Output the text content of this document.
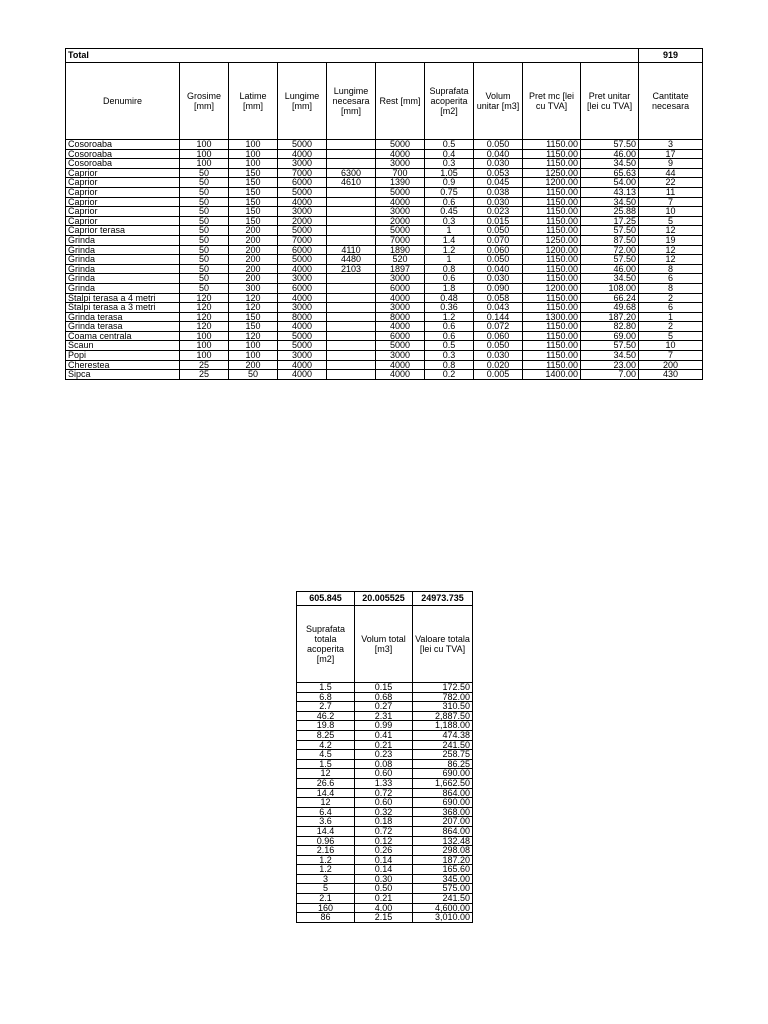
Total										919
Denumire	Grosime [mm]	Latime [mm]	Lungime [mm]	Lungime necesara [mm]	Rest [mm]	Suprafata acoperita [m2]	Volum unitar [m3]	Pret mc [lei cu TVA]	Pret unitar [lei cu TVA]	Cantitate necesara
Cosoroaba	100	100	5000		5000	0.5	0.050	1150.00	57.50	3
Cosoroaba	100	100	4000		4000	0.4	0.040	1150.00	46.00	17
Cosoroaba	100	100	3000		3000	0.3	0.030	1150.00	34.50	9
Caprior	50	150	7000	6300	700	1.05	0.053	1250.00	65.63	44
Caprior	50	150	6000	4610	1390	0.9	0.045	1200.00	54.00	22
Caprior	50	150	5000		5000	0.75	0.038	1150.00	43.13	11
Caprior	50	150	4000		4000	0.6	0.030	1150.00	34.50	7
Caprior	50	150	3000		3000	0.45	0.023	1150.00	25.88	10
Caprior	50	150	2000		2000	0.3	0.015	1150.00	17.25	5
Caprior terasa	50	200	5000		5000	1	0.050	1150.00	57.50	12
Grinda	50	200	7000		7000	1.4	0.070	1250.00	87.50	19
Grinda	50	200	6000	4110	1890	1.2	0.060	1200.00	72.00	12
Grinda	50	200	5000	4480	520	1	0.050	1150.00	57.50	12
Grinda	50	200	4000	2103	1897	0.8	0.040	1150.00	46.00	8
Grinda	50	200	3000		3000	0.6	0.030	1150.00	34.50	6
Grinda	50	300	6000		6000	1.8	0.090	1200.00	108.00	8
Stalpi terasa a 4 metri	120	120	4000		4000	0.48	0.058	1150.00	66.24	2
Stalpi terasa a 3 metri	120	120	3000		3000	0.36	0.043	1150.00	49.68	6
Grinda terasa	120	150	8000		8000	1.2	0.144	1300.00	187.20	1
Grinda terasa	120	150	4000		4000	0.6	0.072	1150.00	82.80	2
Coama centrala	100	120	5000		6000	0.6	0.060	1150.00	69.00	5
Scaun	100	100	5000		5000	0.5	0.050	1150.00	57.50	10
Popi	100	100	3000		3000	0.3	0.030	1150.00	34.50	7
Cherestea	25	200	4000		4000	0.8	0.020	1150.00	23.00	200
Sipca	25	50	4000		4000	0.2	0.005	1400.00	7.00	430
605.845	20.005525	24973.735
Suprafata totala acoperita [m2]	Volum total [m3]	Valoare totala [lei cu TVA]
1.5	0.15	172.50
6.8	0.68	782.00
2.7	0.27	310.50
46.2	2.31	2,887.50
19.8	0.99	1,188.00
8.25	0.41	474.38
4.2	0.21	241.50
4.5	0.23	258.75
1.5	0.08	86.25
12	0.60	690.00
26.6	1.33	1,662.50
14.4	0.72	864.00
12	0.60	690.00
6.4	0.32	368.00
3.6	0.18	207.00
14.4	0.72	864.00
0.96	0.12	132.48
2.16	0.26	298.08
1.2	0.14	187.20
1.2	0.14	165.60
3	0.30	345.00
5	0.50	575.00
2.1	0.21	241.50
160	4.00	4,600.00
86	2.15	3,010.00
